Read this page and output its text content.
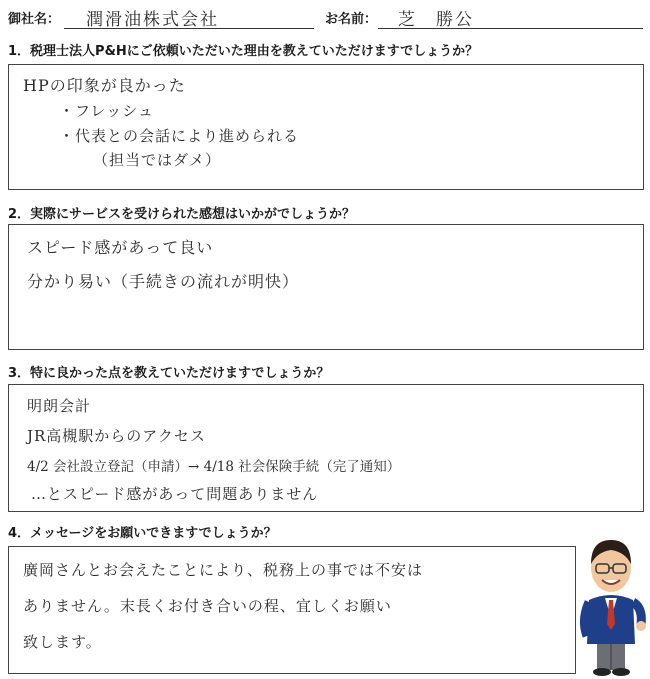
御社名： 潤滑油株式会社	お名前： 芝　勝公
1．税理士法人P&Hにご依頼いただいた理由を教えていただけますでしょうか？
HPの印象が良かった
・フレッシュ
・代表との会話により進められる
（担当ではダメ）
2．実際にサービスを受けられた感想はいかがでしょうか？
スピード感があって良い
分かり易い（手続きの流れが明快）
3．特に良かった点を教えていただけますでしょうか？
明朗会計
JR高槻駅からのアクセス
4/2 会社設立登記（申請）→ 4/18 社会保険手続（完了通知）
…とスピード感があって問題ありません
4．メッセージをお願いできますでしょうか？
廣岡さんとお会えたことにより、税務上の事では不安は
ありません。末長くお付き合いの程、宜しくお願い
致します。
